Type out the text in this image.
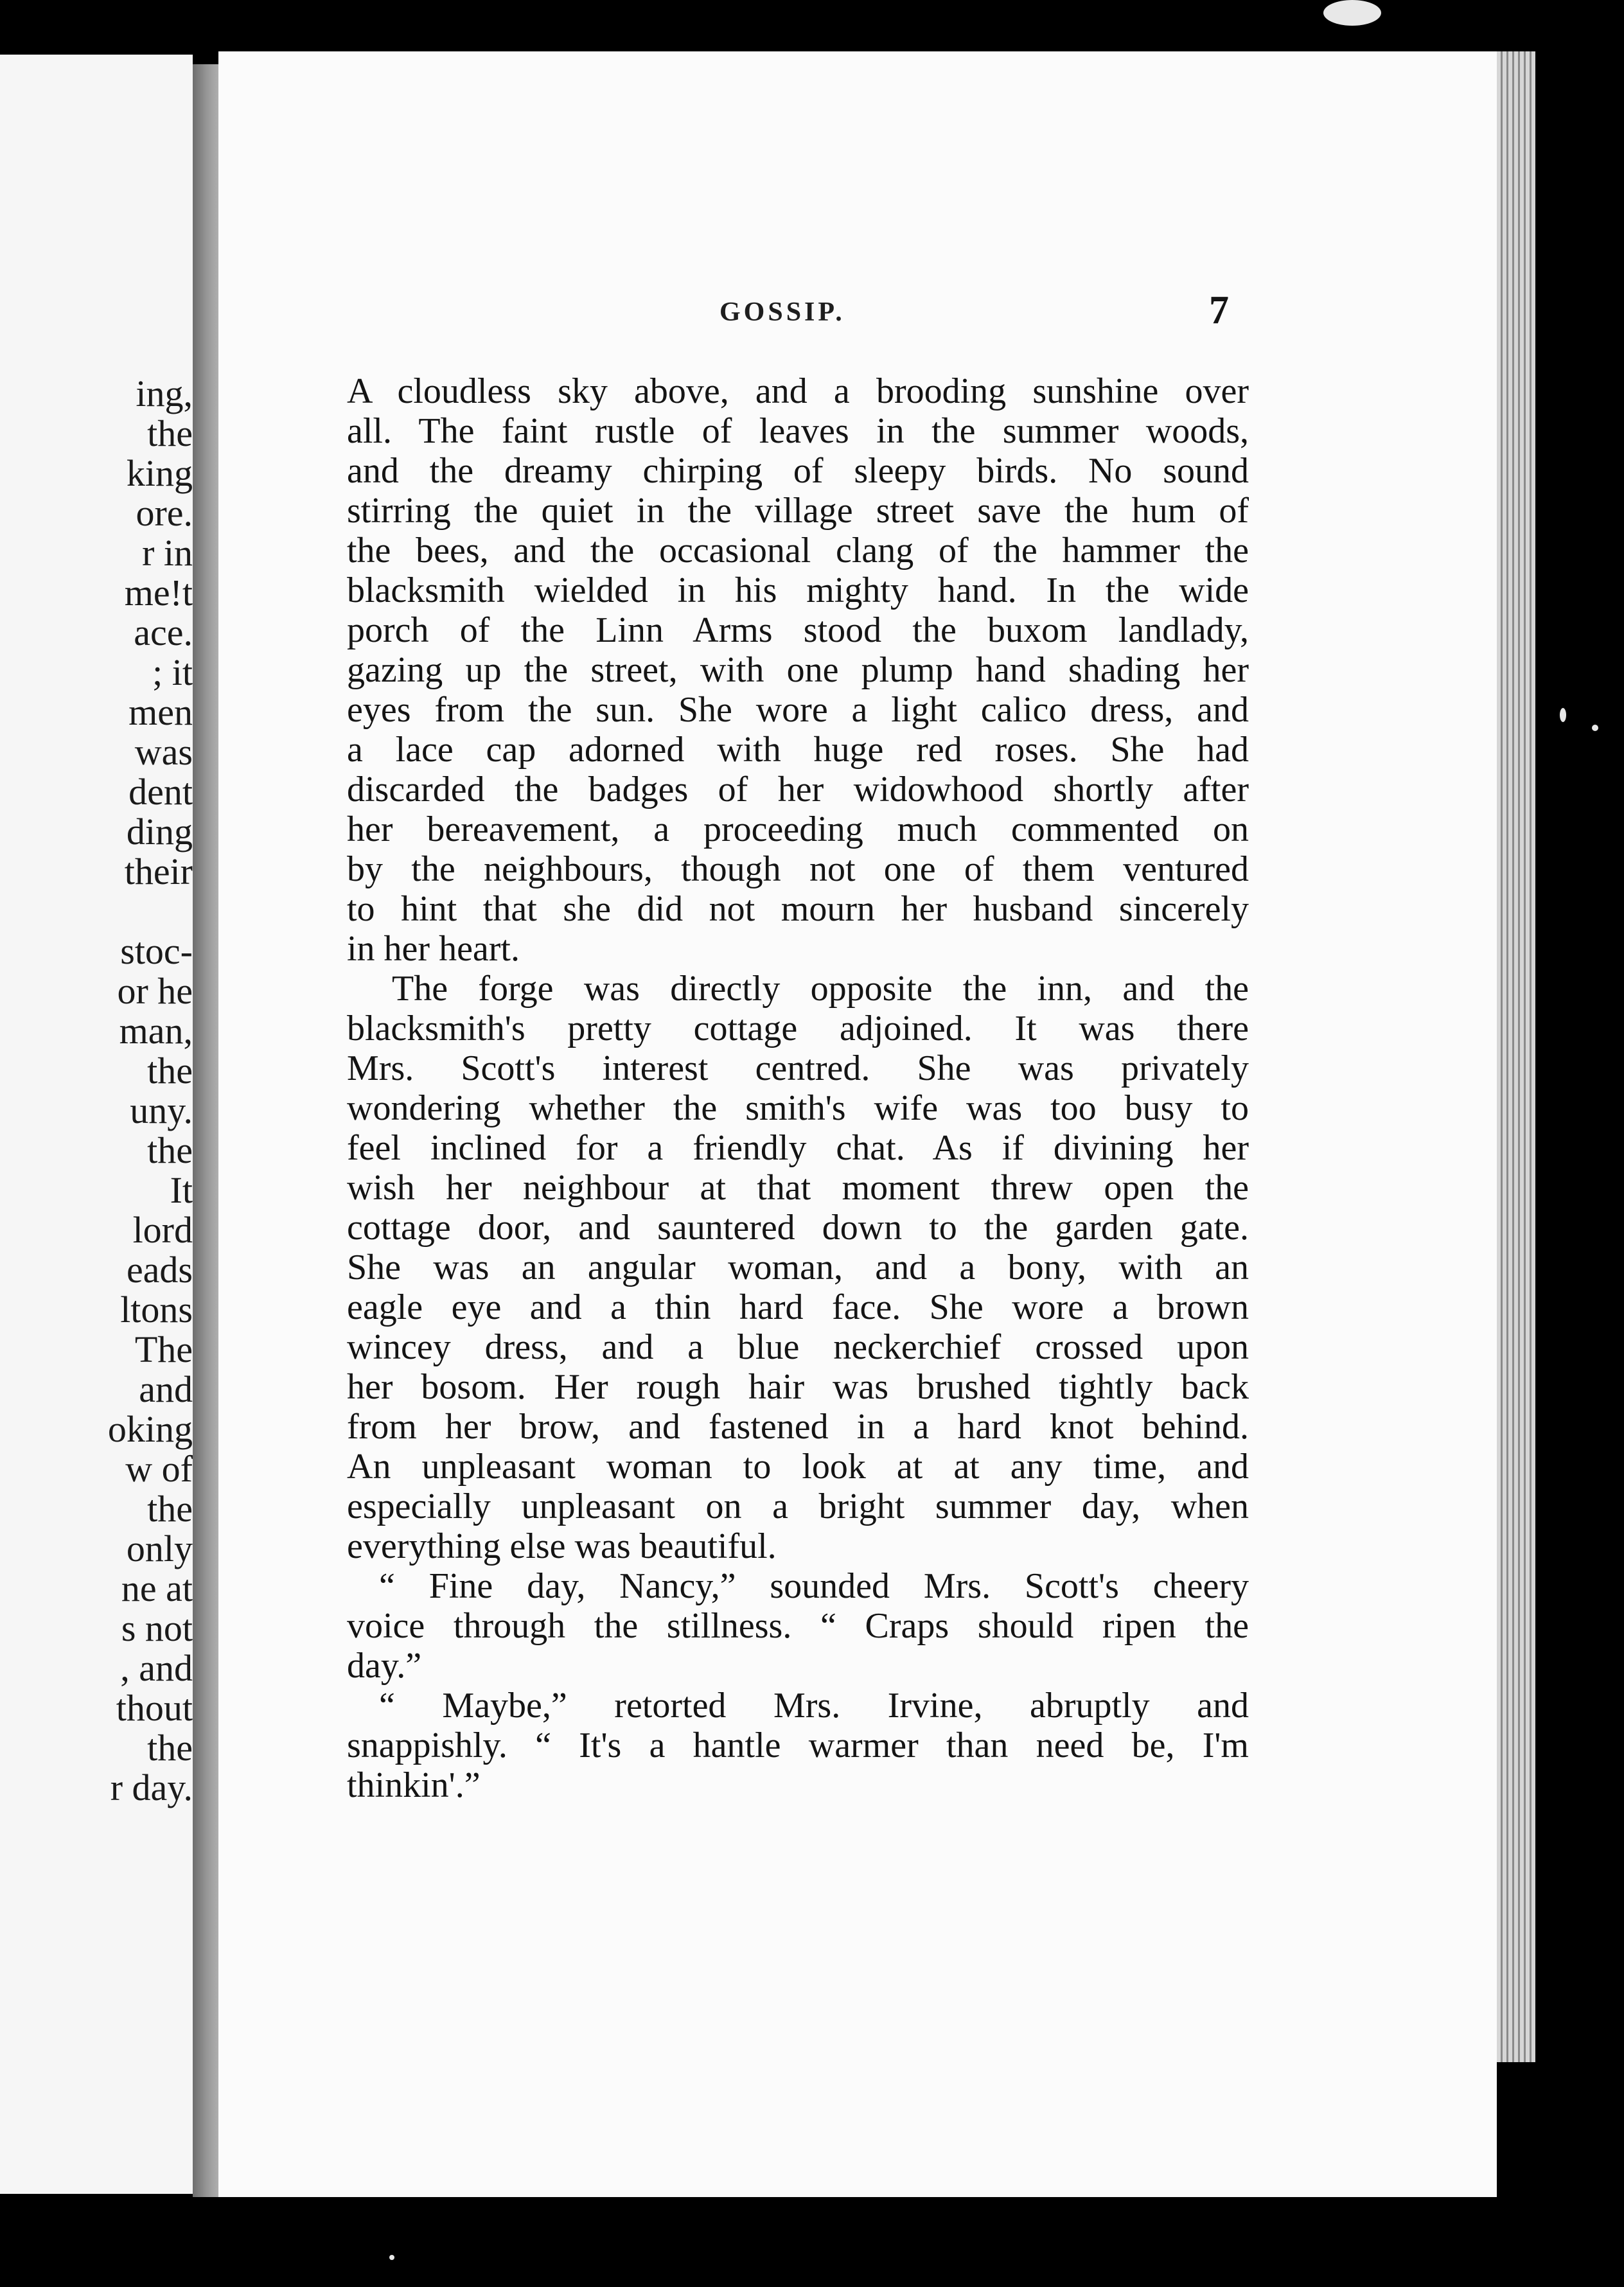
ing,
the
king
ore.
r in
me!t
ace.
; it
men
was
dent
ding
their
stoc-
or he
man,
the
uny.
the
It
lord
eads
ltons
The
and
oking
w of
the
only
ne at
s not
, and
thout
the
r day.
GOSSIP.	7
A cloudless sky above, and a brooding sunshine over
all. The faint rustle of leaves in the summer woods,
and the dreamy chirping of sleepy birds. No sound
stirring the quiet in the village street save the hum of
the bees, and the occasional clang of the hammer the
blacksmith wielded in his mighty hand. In the wide
porch of the Linn Arms stood the buxom landlady,
gazing up the street, with one plump hand shading her
eyes from the sun. She wore a light calico dress, and
a lace cap adorned with huge red roses. She had
discarded the badges of her widowhood shortly after
her bereavement, a proceeding much commented on
by the neighbours, though not one of them ventured
to hint that she did not mourn her husband sincerely
in her heart.
The forge was directly opposite the inn, and the
blacksmith's pretty cottage adjoined. It was there
Mrs. Scott's interest centred. She was privately
wondering whether the smith's wife was too busy to
feel inclined for a friendly chat. As if divining her
wish her neighbour at that moment threw open the
cottage door, and sauntered down to the garden gate.
She was an angular woman, and a bony, with an
eagle eye and a thin hard face. She wore a brown
wincey dress, and a blue neckerchief crossed upon
her bosom. Her rough hair was brushed tightly back
from her brow, and fastened in a hard knot behind.
An unpleasant woman to look at at any time, and
especially unpleasant on a bright summer day, when
everything else was beautiful.
“ Fine day, Nancy,” sounded Mrs. Scott's cheery
voice through the stillness. “ Craps should ripen the
day.”
“ Maybe,” retorted Mrs. Irvine, abruptly and
snappishly. “ It's a hantle warmer than need be, I'm
thinkin'.”
